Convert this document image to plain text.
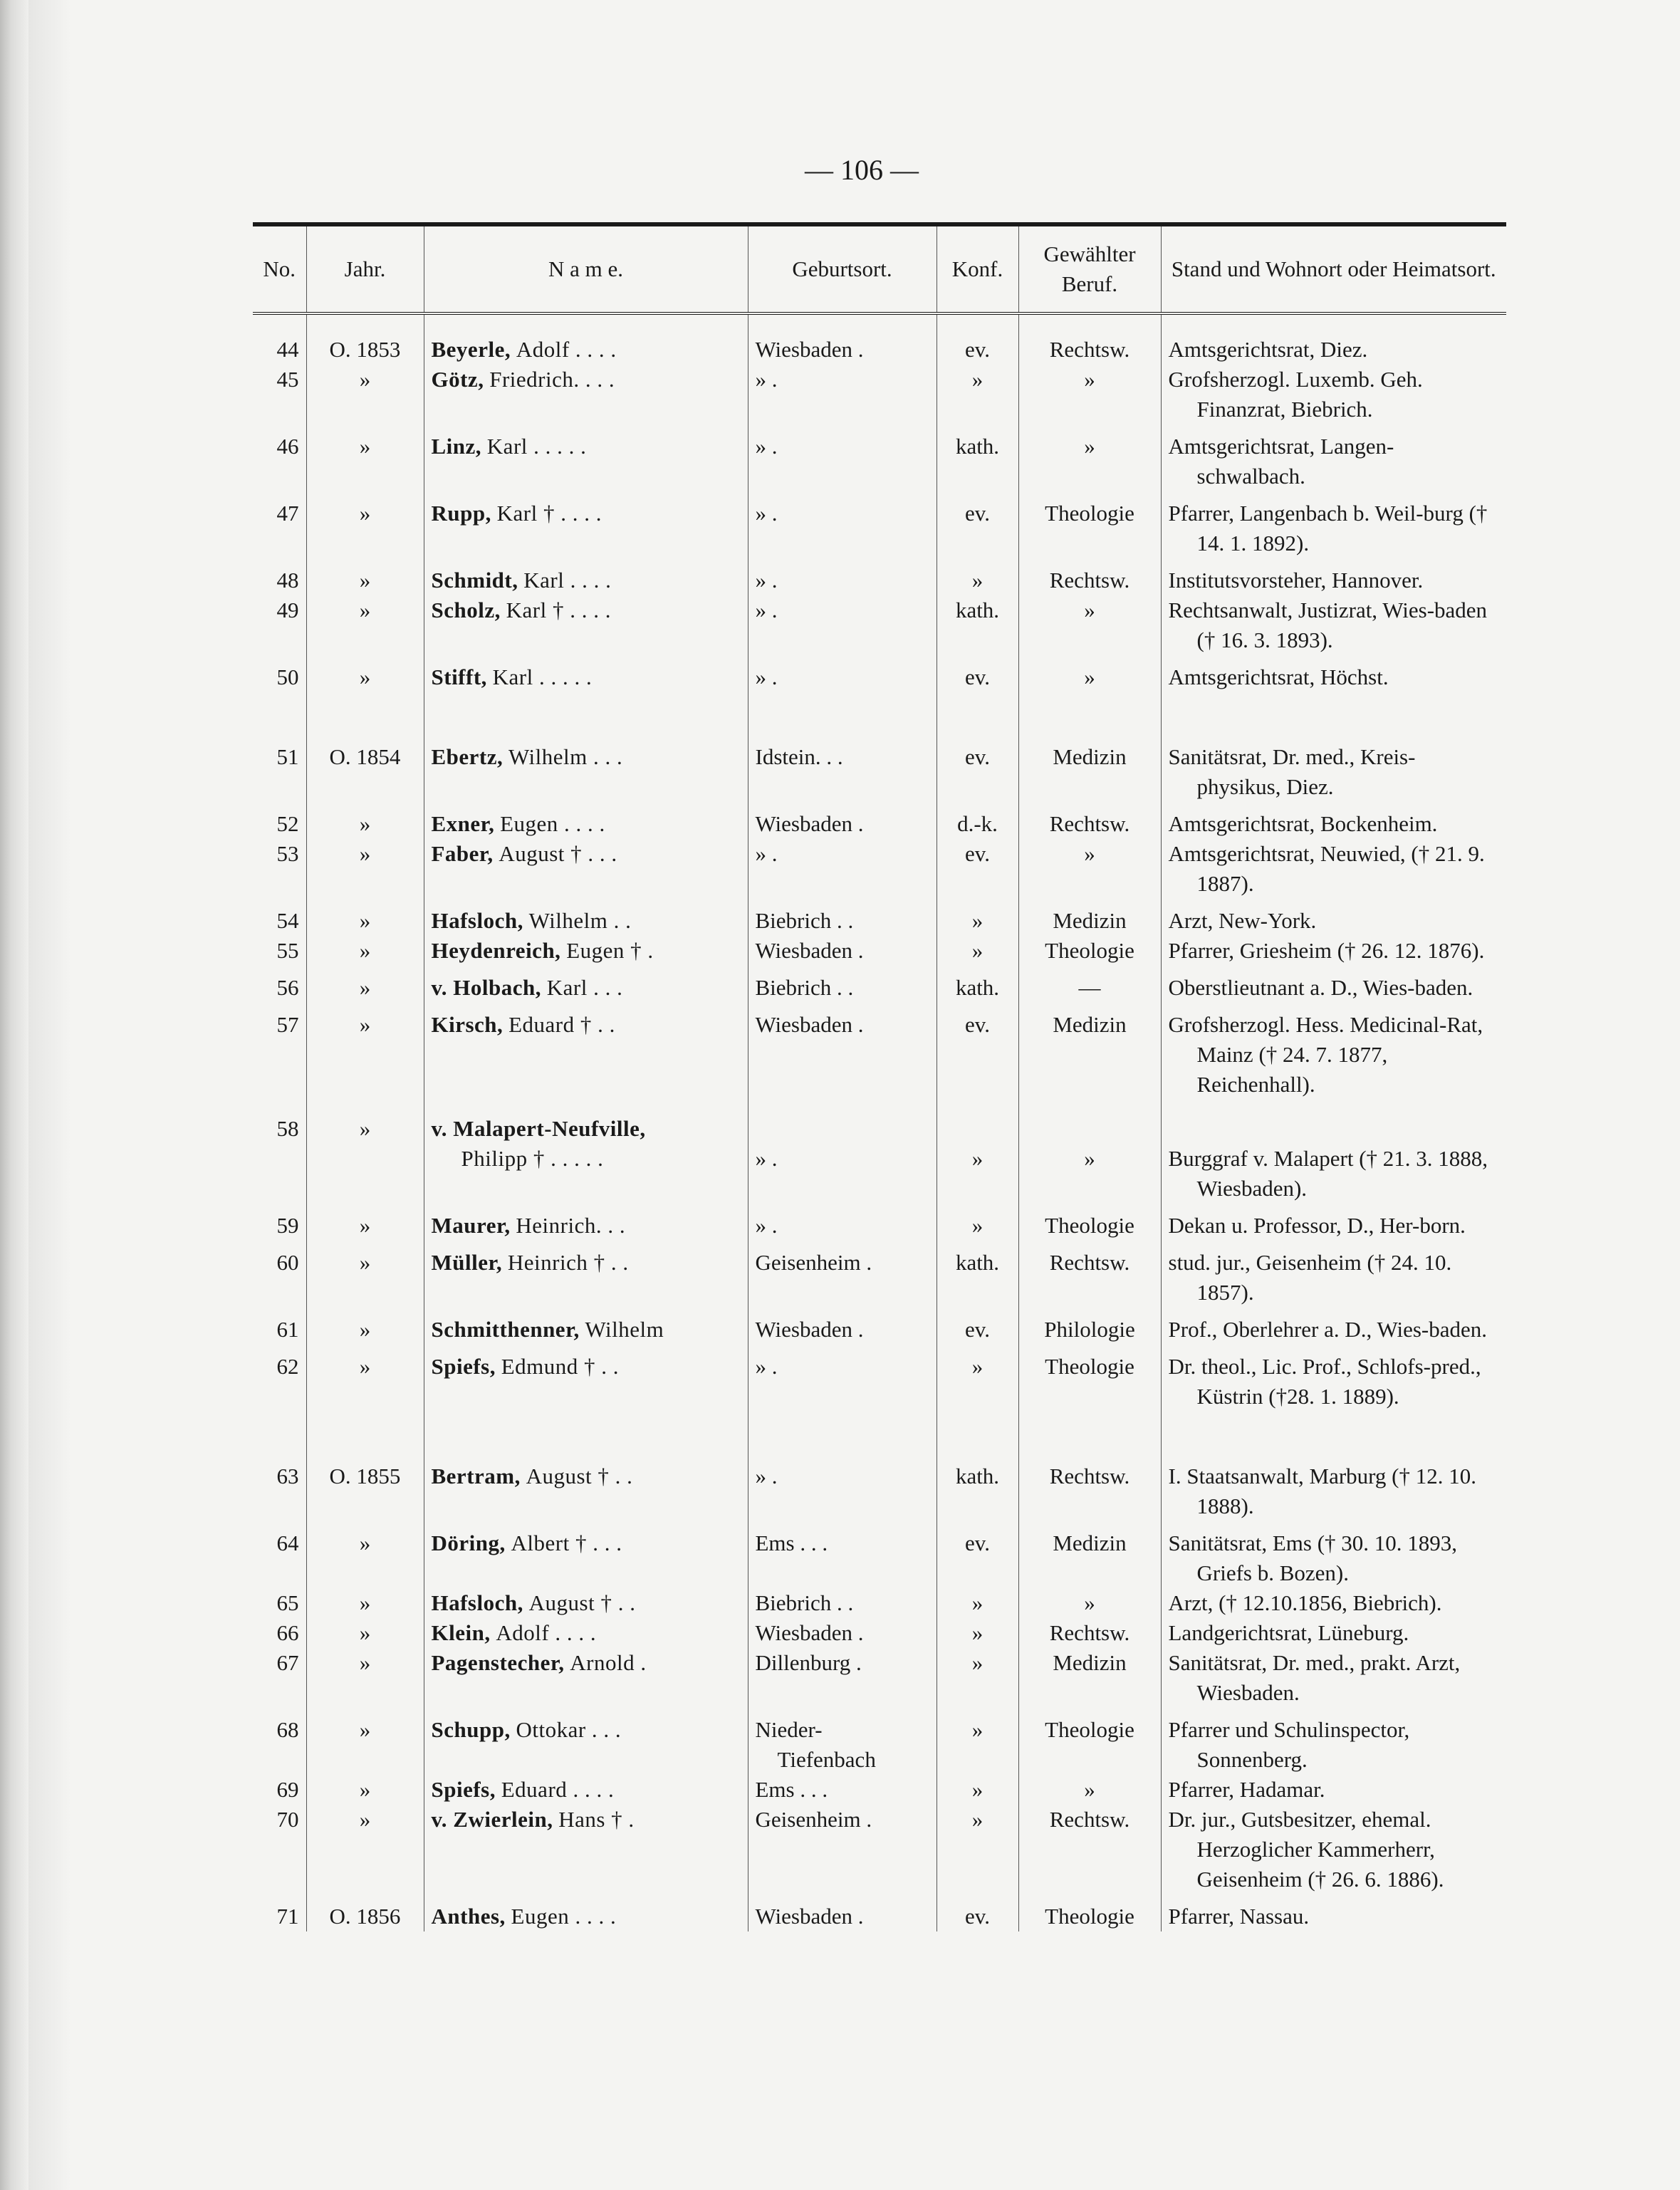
— 106 —
No.	Jahr.	N a m e.	Geburtsort.	Konf.	Gewählter Beruf.	Stand und Wohnort oder Heimatsort.
44	O. 1853	Beyerle, Adolf . . . .	Wiesbaden .	ev.	Rechtsw.	Amtsgerichtsrat, Diez.
45	»	Götz, Friedrich. . . .	» .	»	»	Grofsherzogl. Luxemb. Geh. Finanzrat, Biebrich.
46	»	Linz, Karl . . . . .	» .	kath.	»	Amtsgerichtsrat, Langen-schwalbach.
47	»	Rupp, Karl † . . . .	» .	ev.	Theologie	Pfarrer, Langenbach b. Weil-burg († 14. 1. 1892).
48	»	Schmidt, Karl . . . .	» .	»	Rechtsw.	Institutsvorsteher, Hannover.
49	»	Scholz, Karl † . . . .	» .	kath.	»	Rechtsanwalt, Justizrat, Wies-baden († 16. 3. 1893).
50	»	Stifft, Karl . . . . .	» .	ev.	»	Amtsgerichtsrat, Höchst.
51	O. 1854	Ebertz, Wilhelm . . .	Idstein. . .	ev.	Medizin	Sanitätsrat, Dr. med., Kreis-physikus, Diez.
52	»	Exner, Eugen . . . .	Wiesbaden .	d.-k.	Rechtsw.	Amtsgerichtsrat, Bockenheim.
53	»	Faber, August † . . .	» .	ev.	»	Amtsgerichtsrat, Neuwied, († 21. 9. 1887).
54	»	Hafsloch, Wilhelm . .	Biebrich . .	»	Medizin	Arzt, New-York.
55	»	Heydenreich, Eugen † .	Wiesbaden .	»	Theologie	Pfarrer, Griesheim († 26. 12. 1876).
56	»	v. Holbach, Karl . . .	Biebrich . .	kath.	—	Oberstlieutnant a. D., Wies-baden.
57	»	Kirsch, Eduard † . .	Wiesbaden .	ev.	Medizin	Grofsherzogl. Hess. Medicinal-Rat, Mainz († 24. 7. 1877, Reichenhall).
58	»	v. Malapert-Neufville,
Philipp † . . . . .	» .	»	»	Burggraf v. Malapert († 21. 3. 1888, Wiesbaden).
59	»	Maurer, Heinrich. . .	» .	»	Theologie	Dekan u. Professor, D., Her-born.
60	»	Müller, Heinrich † . .	Geisenheim .	kath.	Rechtsw.	stud. jur., Geisenheim († 24. 10. 1857).
61	»	Schmitthenner, Wilhelm	Wiesbaden .	ev.	Philologie	Prof., Oberlehrer a. D., Wies-baden.
62	»	Spiefs, Edmund † . .	» .	»	Theologie	Dr. theol., Lic. Prof., Schlofs-pred., Küstrin (†28. 1. 1889).
63	O. 1855	Bertram, August † . .	» .	kath.	Rechtsw.	I. Staatsanwalt, Marburg († 12. 10. 1888).
64	»	Döring, Albert † . . .	Ems . . .	ev.	Medizin	Sanitätsrat, Ems († 30. 10. 1893, Griefs b. Bozen).
65	»	Hafsloch, August † . .	Biebrich . .	»	»	Arzt, († 12.10.1856, Biebrich).
66	»	Klein, Adolf . . . .	Wiesbaden .	»	Rechtsw.	Landgerichtsrat, Lüneburg.
67	»	Pagenstecher, Arnold .	Dillenburg .	»	Medizin	Sanitätsrat, Dr. med., prakt. Arzt, Wiesbaden.
68	»	Schupp, Ottokar . . .	Nieder-    Tiefenbach	»	Theologie	Pfarrer und Schulinspector, Sonnenberg.
69	»	Spiefs, Eduard . . . .	Ems . . .	»	»	Pfarrer, Hadamar.
70	»	v. Zwierlein, Hans † .	Geisenheim .	»	Rechtsw.	Dr. jur., Gutsbesitzer, ehemal. Herzoglicher Kammerherr, Geisenheim († 26. 6. 1886).
71	O. 1856	Anthes, Eugen . . . .	Wiesbaden .	ev.	Theologie	Pfarrer, Nassau.
